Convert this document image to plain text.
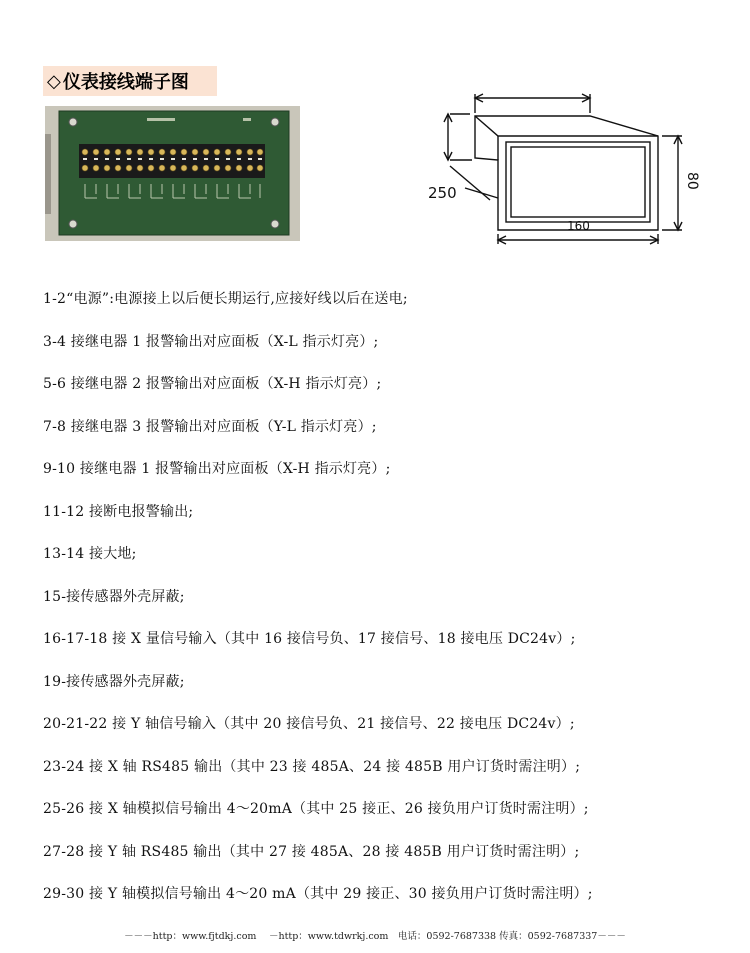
◇ 仪表接线端子图
250
160
80
1-2“电源”:电源接上以后便长期运行,应接好线以后在送电;
3-4 接继电器 1 报警输出对应面板（X-L 指示灯亮）;
5-6 接继电器 2 报警输出对应面板（X-H 指示灯亮）;
7-8 接继电器 3 报警输出对应面板（Y-L 指示灯亮）;
9-10 接继电器 1 报警输出对应面板（X-H 指示灯亮）;
11-12 接断电报警输出;
13-14 接大地;
15-接传感器外壳屏蔽;
16-17-18 接 X 量信号输入（其中 16 接信号负、17 接信号、18 接电压 DC24v）;
19-接传感器外壳屏蔽;
20-21-22 接 Y 轴信号输入（其中 20 接信号负、21 接信号、22 接电压 DC24v）;
23-24 接 X 轴 RS485 输出（其中 23 接 485A、24 接 485B 用户订货时需注明）;
25-26 接 X 轴模拟信号输出 4～20mA（其中 25 接正、26 接负用户订货时需注明）;
27-28 接 Y 轴 RS485 输出（其中 27 接 485A、28 接 485B 用户订货时需注明）;
29-30 接 Y 轴模拟信号输出 4～20 mA（其中 29 接正、30 接负用户订货时需注明）;
－－－http：www.fjtdkj.com　 －http：www.tdwrkj.com　电话：0592-7687338 传真：0592-7687337－－－
